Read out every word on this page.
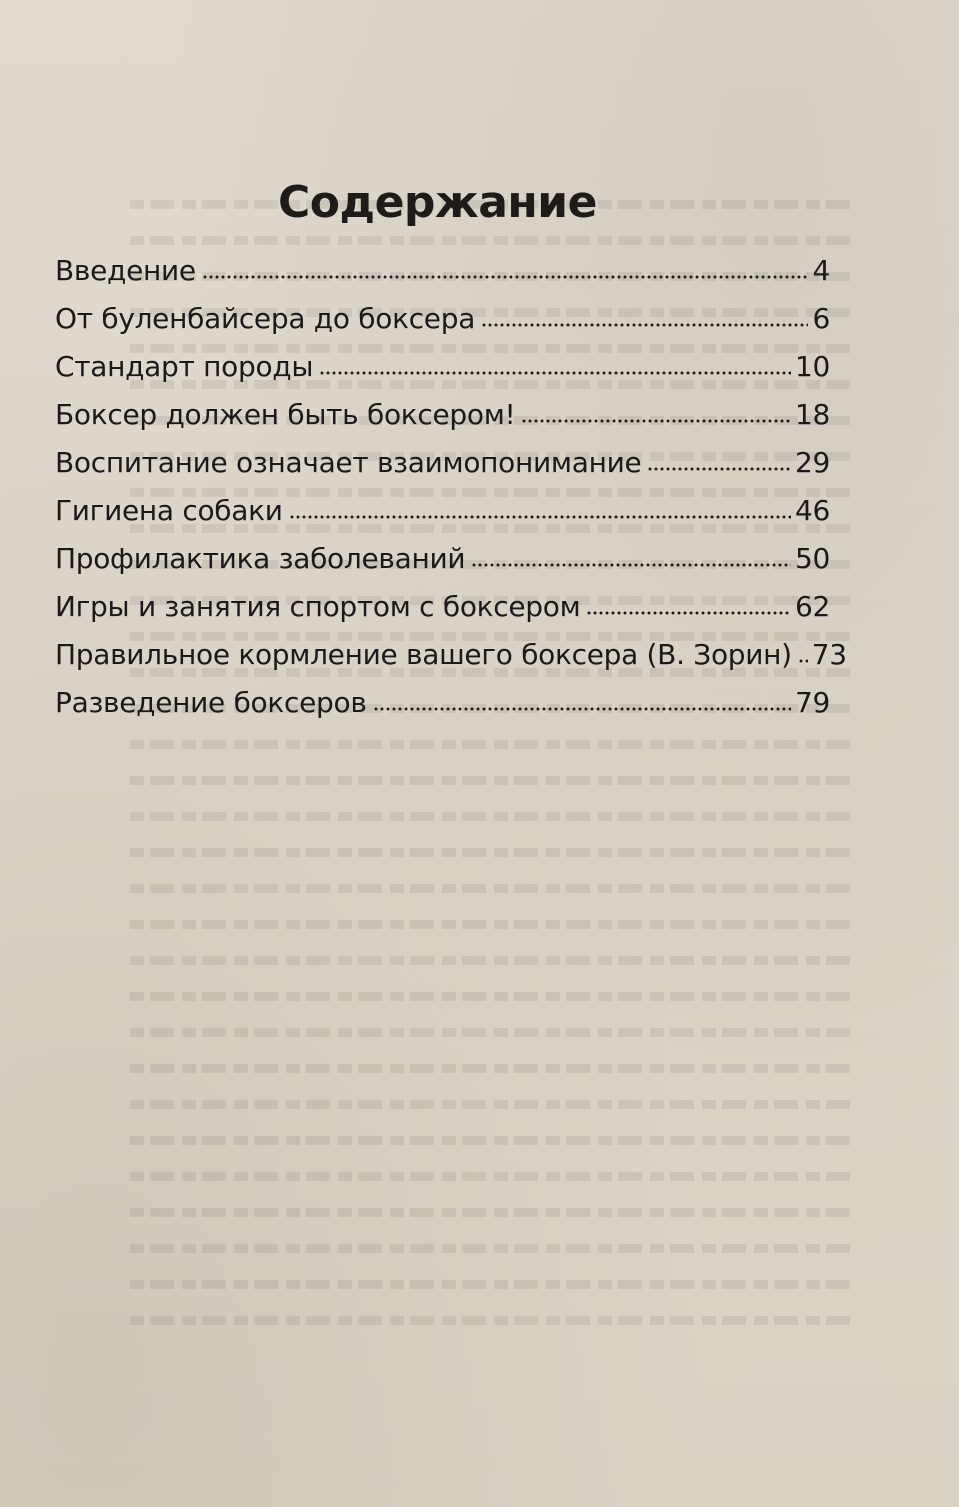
Содержание
Введение	4
От буленбайсера до боксера	6
Стандарт породы	10
Боксер должен быть боксером!	18
Воспитание означает взаимопонимание	29
Гигиена собаки	46
Профилактика заболеваний	50
Игры и занятия спортом с боксером	62
Правильное кормление вашего боксера (В. Зорин) 73
Разведение боксеров	79
